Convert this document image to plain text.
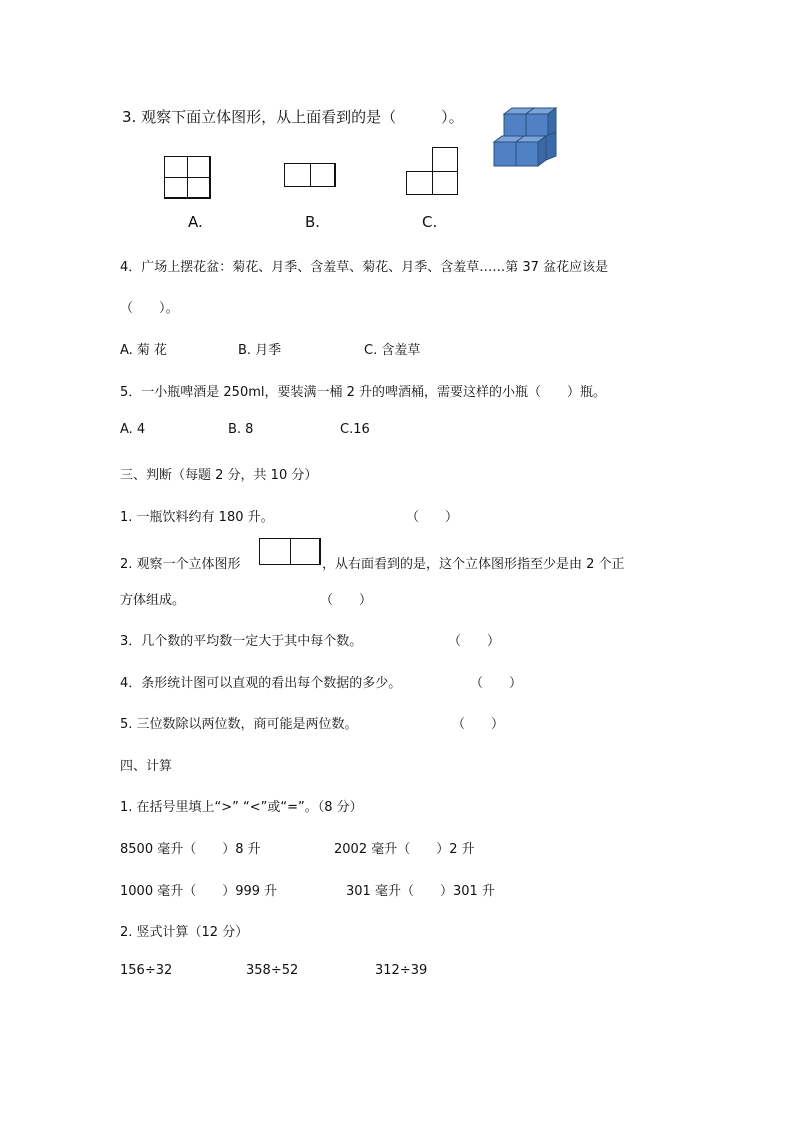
3. 观察下面立体图形，从上面看到的是（　　　）。
A.	B.	C.
4．广场上摆花盆：菊花、月季、含羞草、菊花、月季、含羞草……第 37 盆花应该是
（　　）。
A. 菊 花	B. 月季	C. 含羞草
5．一小瓶啤酒是 250ml，要装满一桶 2 升的啤酒桶，需要这样的小瓶（　　）瓶。
A. 4	B. 8	C.16
三、判断（每题 2 分，共 10 分）
1. 一瓶饮料约有 180 升。	（　　）
2. 观察一个立体图形	，从右面看到的是，这个立体图形指至少是由 2 个正
方体组成。	（　　）
3．几个数的平均数一定大于其中每个数。	（　　）
4．条形统计图可以直观的看出每个数据的多少。	（　　）
5. 三位数除以两位数，商可能是两位数。	（　　）
四、计算
1. 在括号里填上“>” “<”或“=”。（8 分）
8500 毫升（　　）8 升	2002 毫升（　　）2 升
1000 毫升（　　）999 升	301 毫升（　　）301 升
2. 竖式计算（12 分）
156÷32	358÷52	312÷39
